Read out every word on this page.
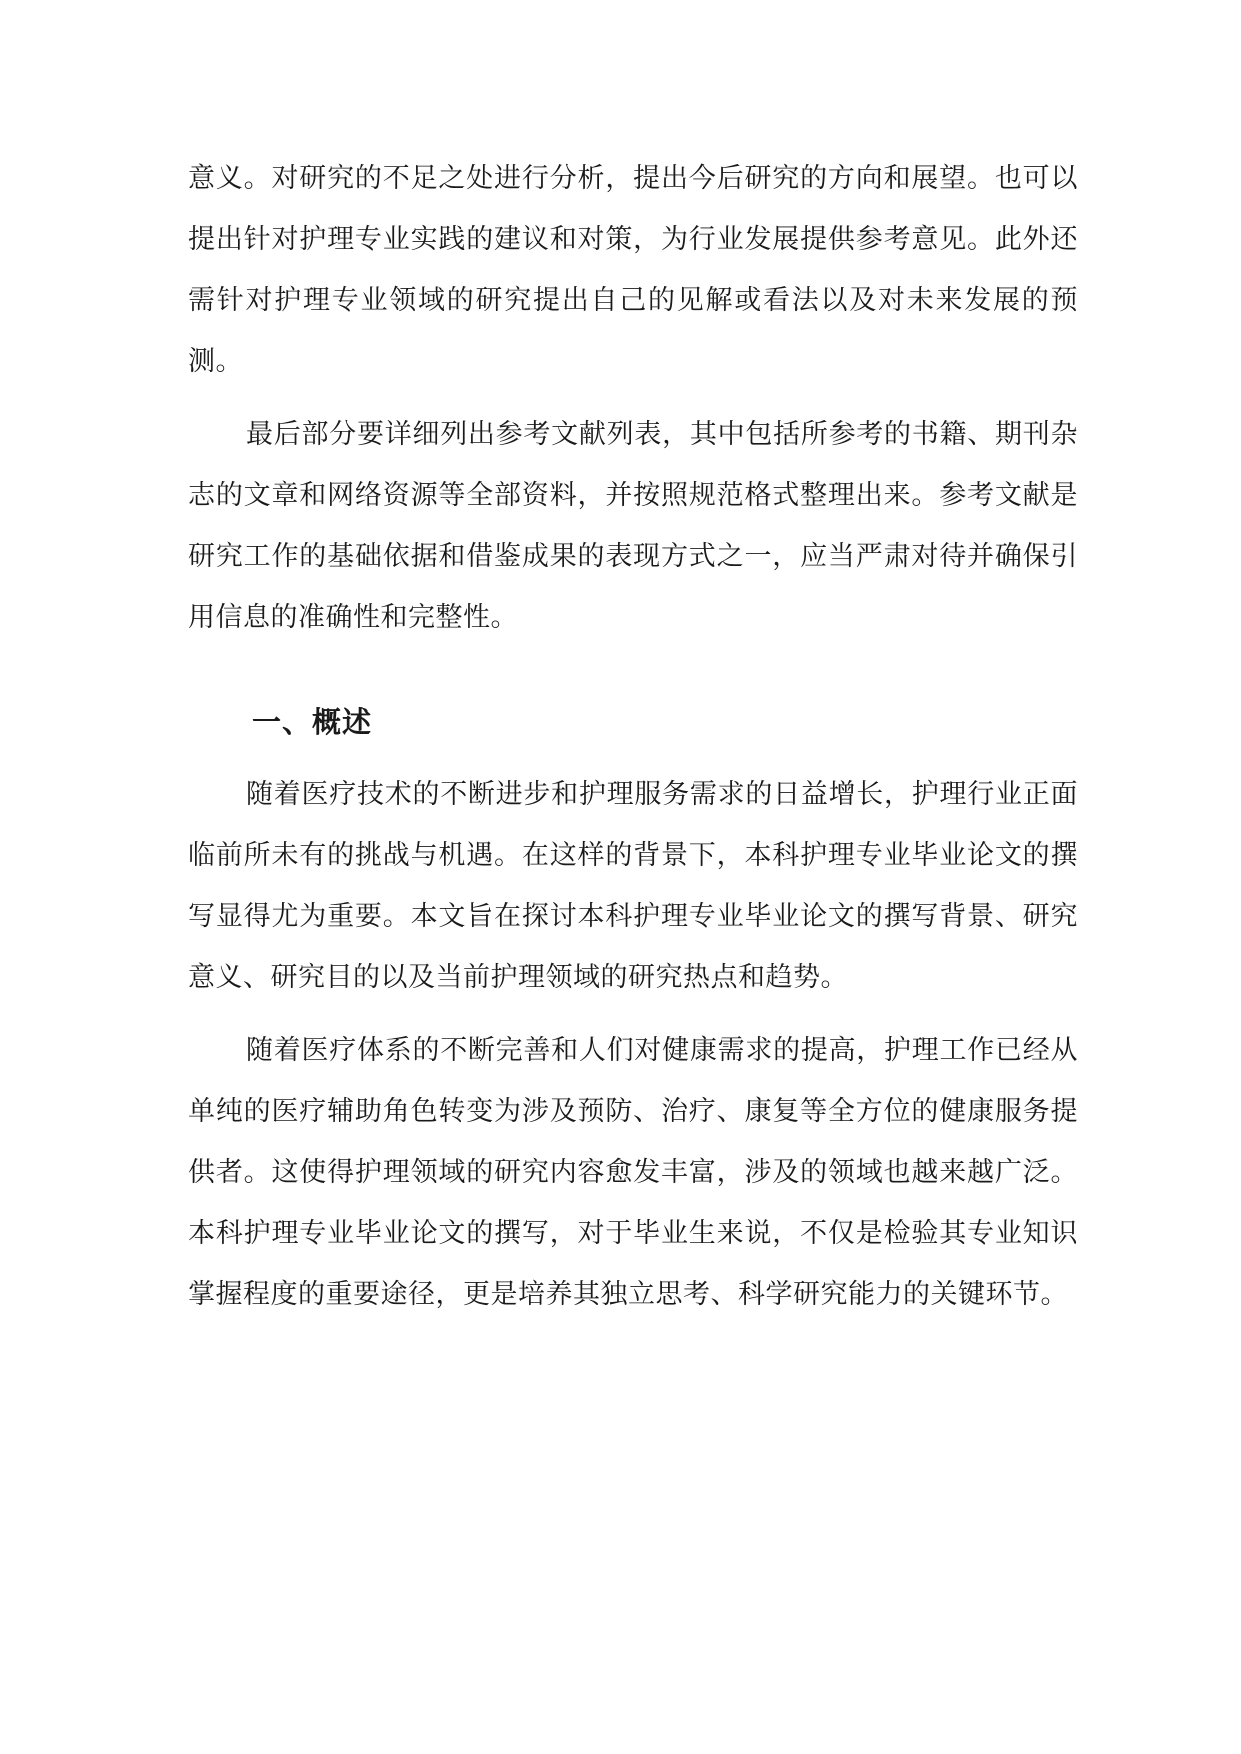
意义。对研究的不足之处进行分析，提出今后研究的方向和展望。也可以提出针对护理专业实践的建议和对策，为行业发展提供参考意见。此外还需针对护理专业领域的研究提出自己的见解或看法以及对未来发展的预测。

最后部分要详细列出参考文献列表，其中包括所参考的书籍、期刊杂志的文章和网络资源等全部资料，并按照规范格式整理出来。参考文献是研究工作的基础依据和借鉴成果的表现方式之一，应当严肃对待并确保引用信息的准确性和完整性。

一、概述

随着医疗技术的不断进步和护理服务需求的日益增长，护理行业正面临前所未有的挑战与机遇。在这样的背景下，本科护理专业毕业论文的撰写显得尤为重要。本文旨在探讨本科护理专业毕业论文的撰写背景、研究意义、研究目的以及当前护理领域的研究热点和趋势。

随着医疗体系的不断完善和人们对健康需求的提高，护理工作已经从单纯的医疗辅助角色转变为涉及预防、治疗、康复等全方位的健康服务提供者。这使得护理领域的研究内容愈发丰富，涉及的领域也越来越广泛。本科护理专业毕业论文的撰写，对于毕业生来说，不仅是检验其专业知识掌握程度的重要途径，更是培养其独立思考、科学研究能力的关键环节。
